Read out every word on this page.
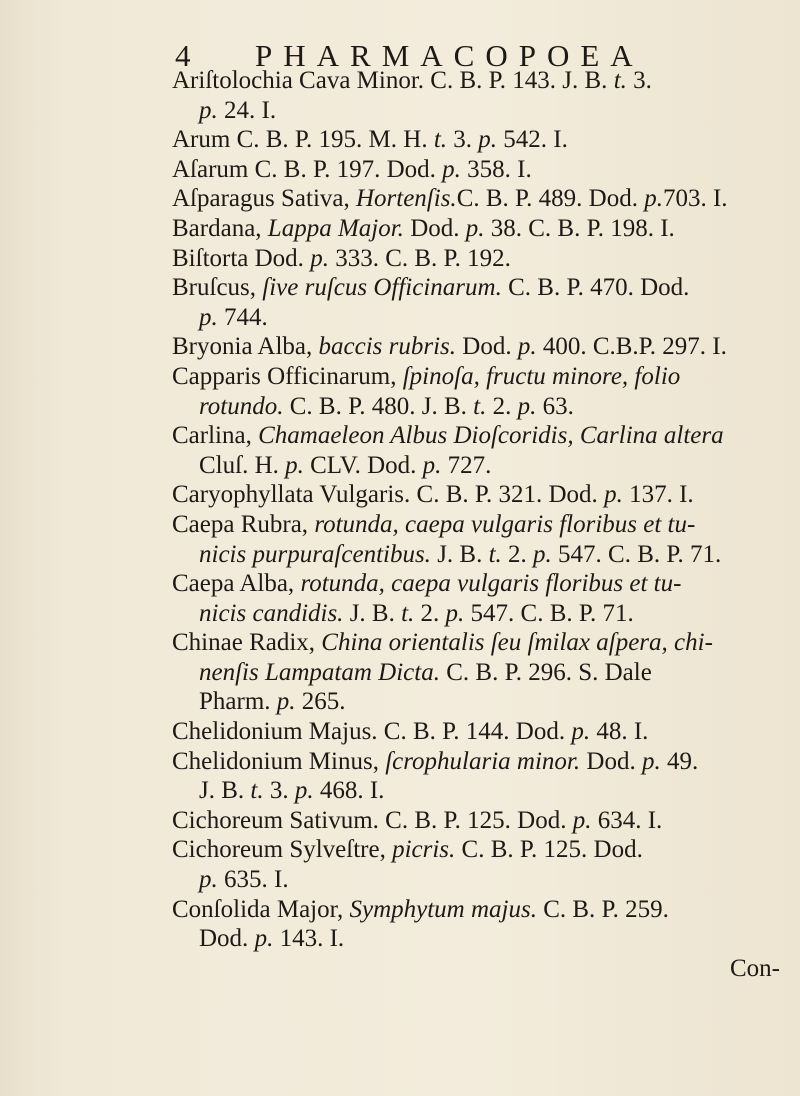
4 PHARMACOPOEA
Ariſtolochia Cava Minor. C. B. P. 143. J. B. t. 3.
p. 24. I.
Arum C. B. P. 195. M. H. t. 3. p. 542. I.
Aſarum C. B. P. 197. Dod. p. 358. I.
Aſparagus Sativa, Hortenſis.C. B. P. 489. Dod. p.703. I.
Bardana, Lappa Major. Dod. p. 38. C. B. P. 198. I.
Biſtorta Dod. p. 333. C. B. P. 192.
Bruſcus, ſive ruſcus Officinarum. C. B. P. 470. Dod.
p. 744.
Bryonia Alba, baccis rubris. Dod. p. 400. C.B.P. 297. I.
Capparis Officinarum, ſpinoſa, fructu minore, folio
rotundo. C. B. P. 480. J. B. t. 2. p. 63.
Carlina, Chamaeleon Albus Dioſcoridis, Carlina altera
Cluſ. H. p. CLV. Dod. p. 727.
Caryophyllata Vulgaris. C. B. P. 321. Dod. p. 137. I.
Caepa Rubra, rotunda, caepa vulgaris floribus et tu-
nicis purpuraſcentibus. J. B. t. 2. p. 547. C. B. P. 71.
Caepa Alba, rotunda, caepa vulgaris floribus et tu-
nicis candidis. J. B. t. 2. p. 547. C. B. P. 71.
Chinae Radix, China orientalis ſeu ſmilax aſpera, chi-
nenſis Lampatam Dicta. C. B. P. 296. S. Dale
Pharm. p. 265.
Chelidonium Majus. C. B. P. 144. Dod. p. 48. I.
Chelidonium Minus, ſcrophularia minor. Dod. p. 49.
J. B. t. 3. p. 468. I.
Cichoreum Sativum. C. B. P. 125. Dod. p. 634. I.
Cichoreum Sylveſtre, picris. C. B. P. 125. Dod.
p. 635. I.
Conſolida Major, Symphytum majus. C. B. P. 259.
Dod. p. 143. I.
Con-
